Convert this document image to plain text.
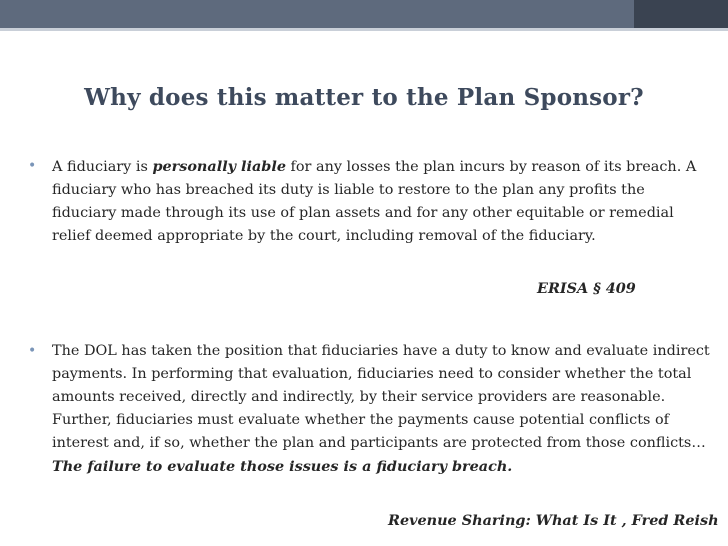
Why does this matter to the Plan Sponsor?

• A fiduciary is personally liable for any losses the plan incurs by reason of its breach. A fiduciary who has breached its duty is liable to restore to the plan any profits the fiduciary made through its use of plan assets and for any other equitable or remedial relief deemed appropriate by the court, including removal of the fiduciary.

ERISA § 409

• The DOL has taken the position that fiduciaries have a duty to know and evaluate indirect payments. In performing that evaluation, fiduciaries need to consider whether the total amounts received, directly and indirectly, by their service providers are reasonable. Further, fiduciaries must evaluate whether the payments cause potential conflicts of interest and, if so, whether the plan and participants are protected from those conflicts…The failure to evaluate those issues is a fiduciary breach.

Revenue Sharing: What Is It , Fred Reish
